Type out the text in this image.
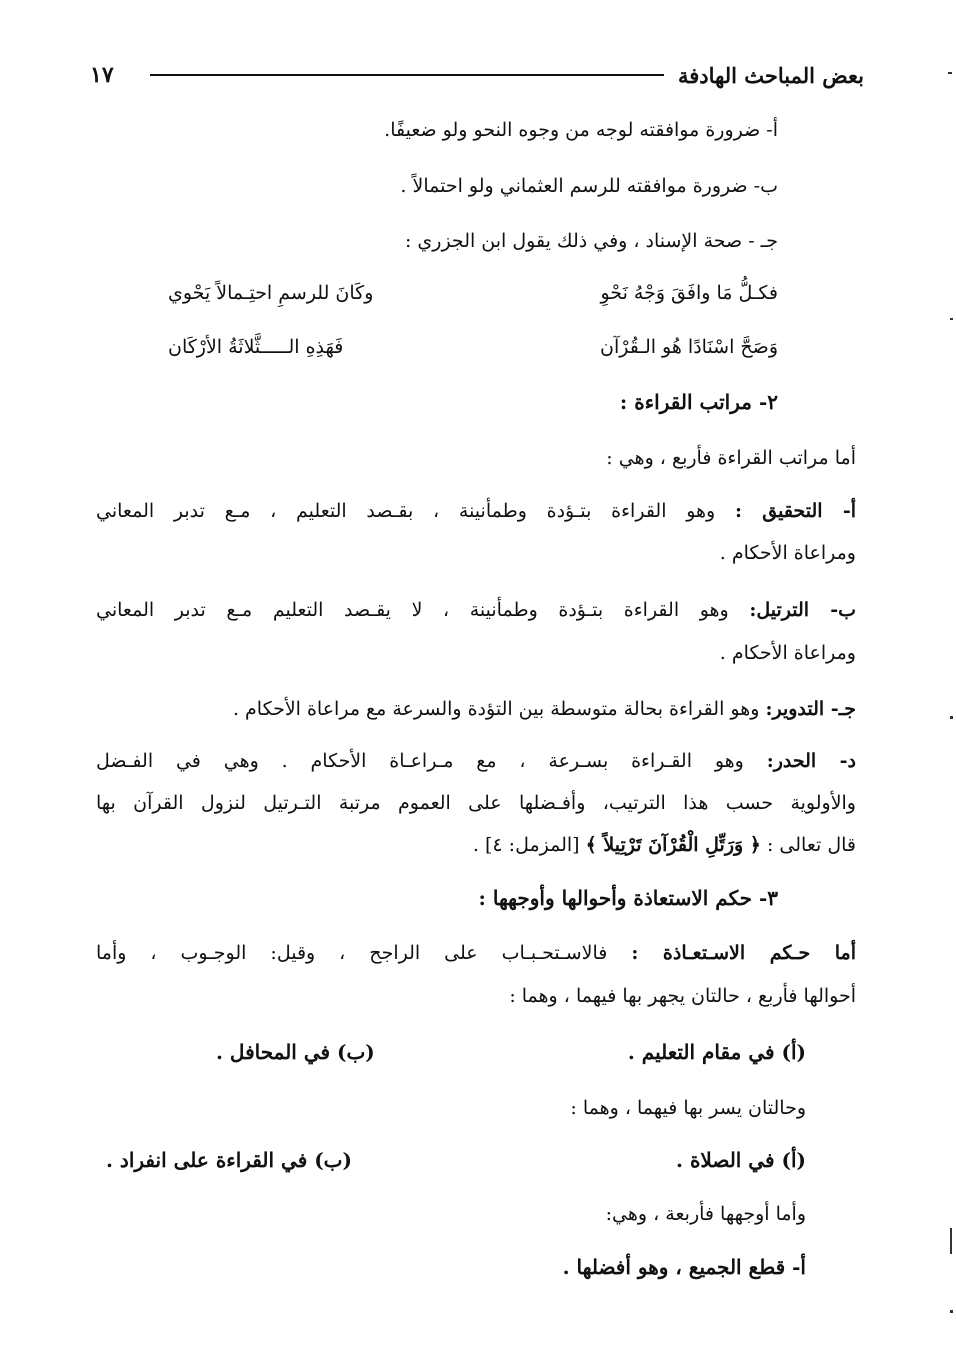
بعض المباحث الهادفة
١٧
أ- ضرورة موافقته لوجه من وجوه النحو ولو ضعيفًا.
ب- ضرورة موافقته للرسم العثماني ولو احتمالاً .
جـ - صحة الإسناد ، وفي ذلك يقول ابن الجزري :
فكـلُّ مَا وافَقَ وَجْهُ نَحْوِ
وكَانَ للرسمِ احتِـمالاً يَحْوي
وَصَحَّ اسْنَادًا هُو الـقُرْآن
فَهَذِهِ الـــــثَّلاثَةُ الأرْكَان
٢- مراتب القراءة :
أما مراتب القراءة فأربع ، وهي :
أ- التحقيق : وهو القراءة بتـؤدة وطمأنينة ، بقـصد التعليم ، مـع تدبر المعاني
ومراعاة الأحكام .
ب- الترتيل: وهو القراءة بتـؤدة وطمأنينة ، لا يقـصد التعليم مـع تدبر المعاني
ومراعاة الأحكام .
جـ- التدوير: وهو القراءة بحالة متوسطة بين التؤدة والسرعة مع مراعاة الأحكام .
د- الحدر: وهو القـراءة بسـرعة ، مع مـراعـاة الأحكام . وهي في الفـضل
والأولوية حسب هذا الترتيب، وأفـضلها على العموم مرتبة التـرتيل لنزول القرآن بها
قال تعالى : ﴿ وَرَتِّلِ الْقُرْآنَ تَرْتِيلاً ﴾ [المزمل: ٤] .
٣- حكم الاستعاذة وأحوالها وأوجهها :
أما حـكم الاسـتعـاذة : فالاسـتحـبـاب على الراجح ، وقيل: الوجـوب ، وأما
أحوالها فأربع ، حالتان يجهر بها فيهما ، وهما :
(أ) في مقام التعليم .
(ب) في المحافل .
وحالتان يسر بها فيهما ، وهما :
(أ) في الصلاة .
(ب) في القراءة على انفراد .
وأما أوجهها فأربعة ، وهي:
أ- قطع الجميع ، وهو أفضلها .
